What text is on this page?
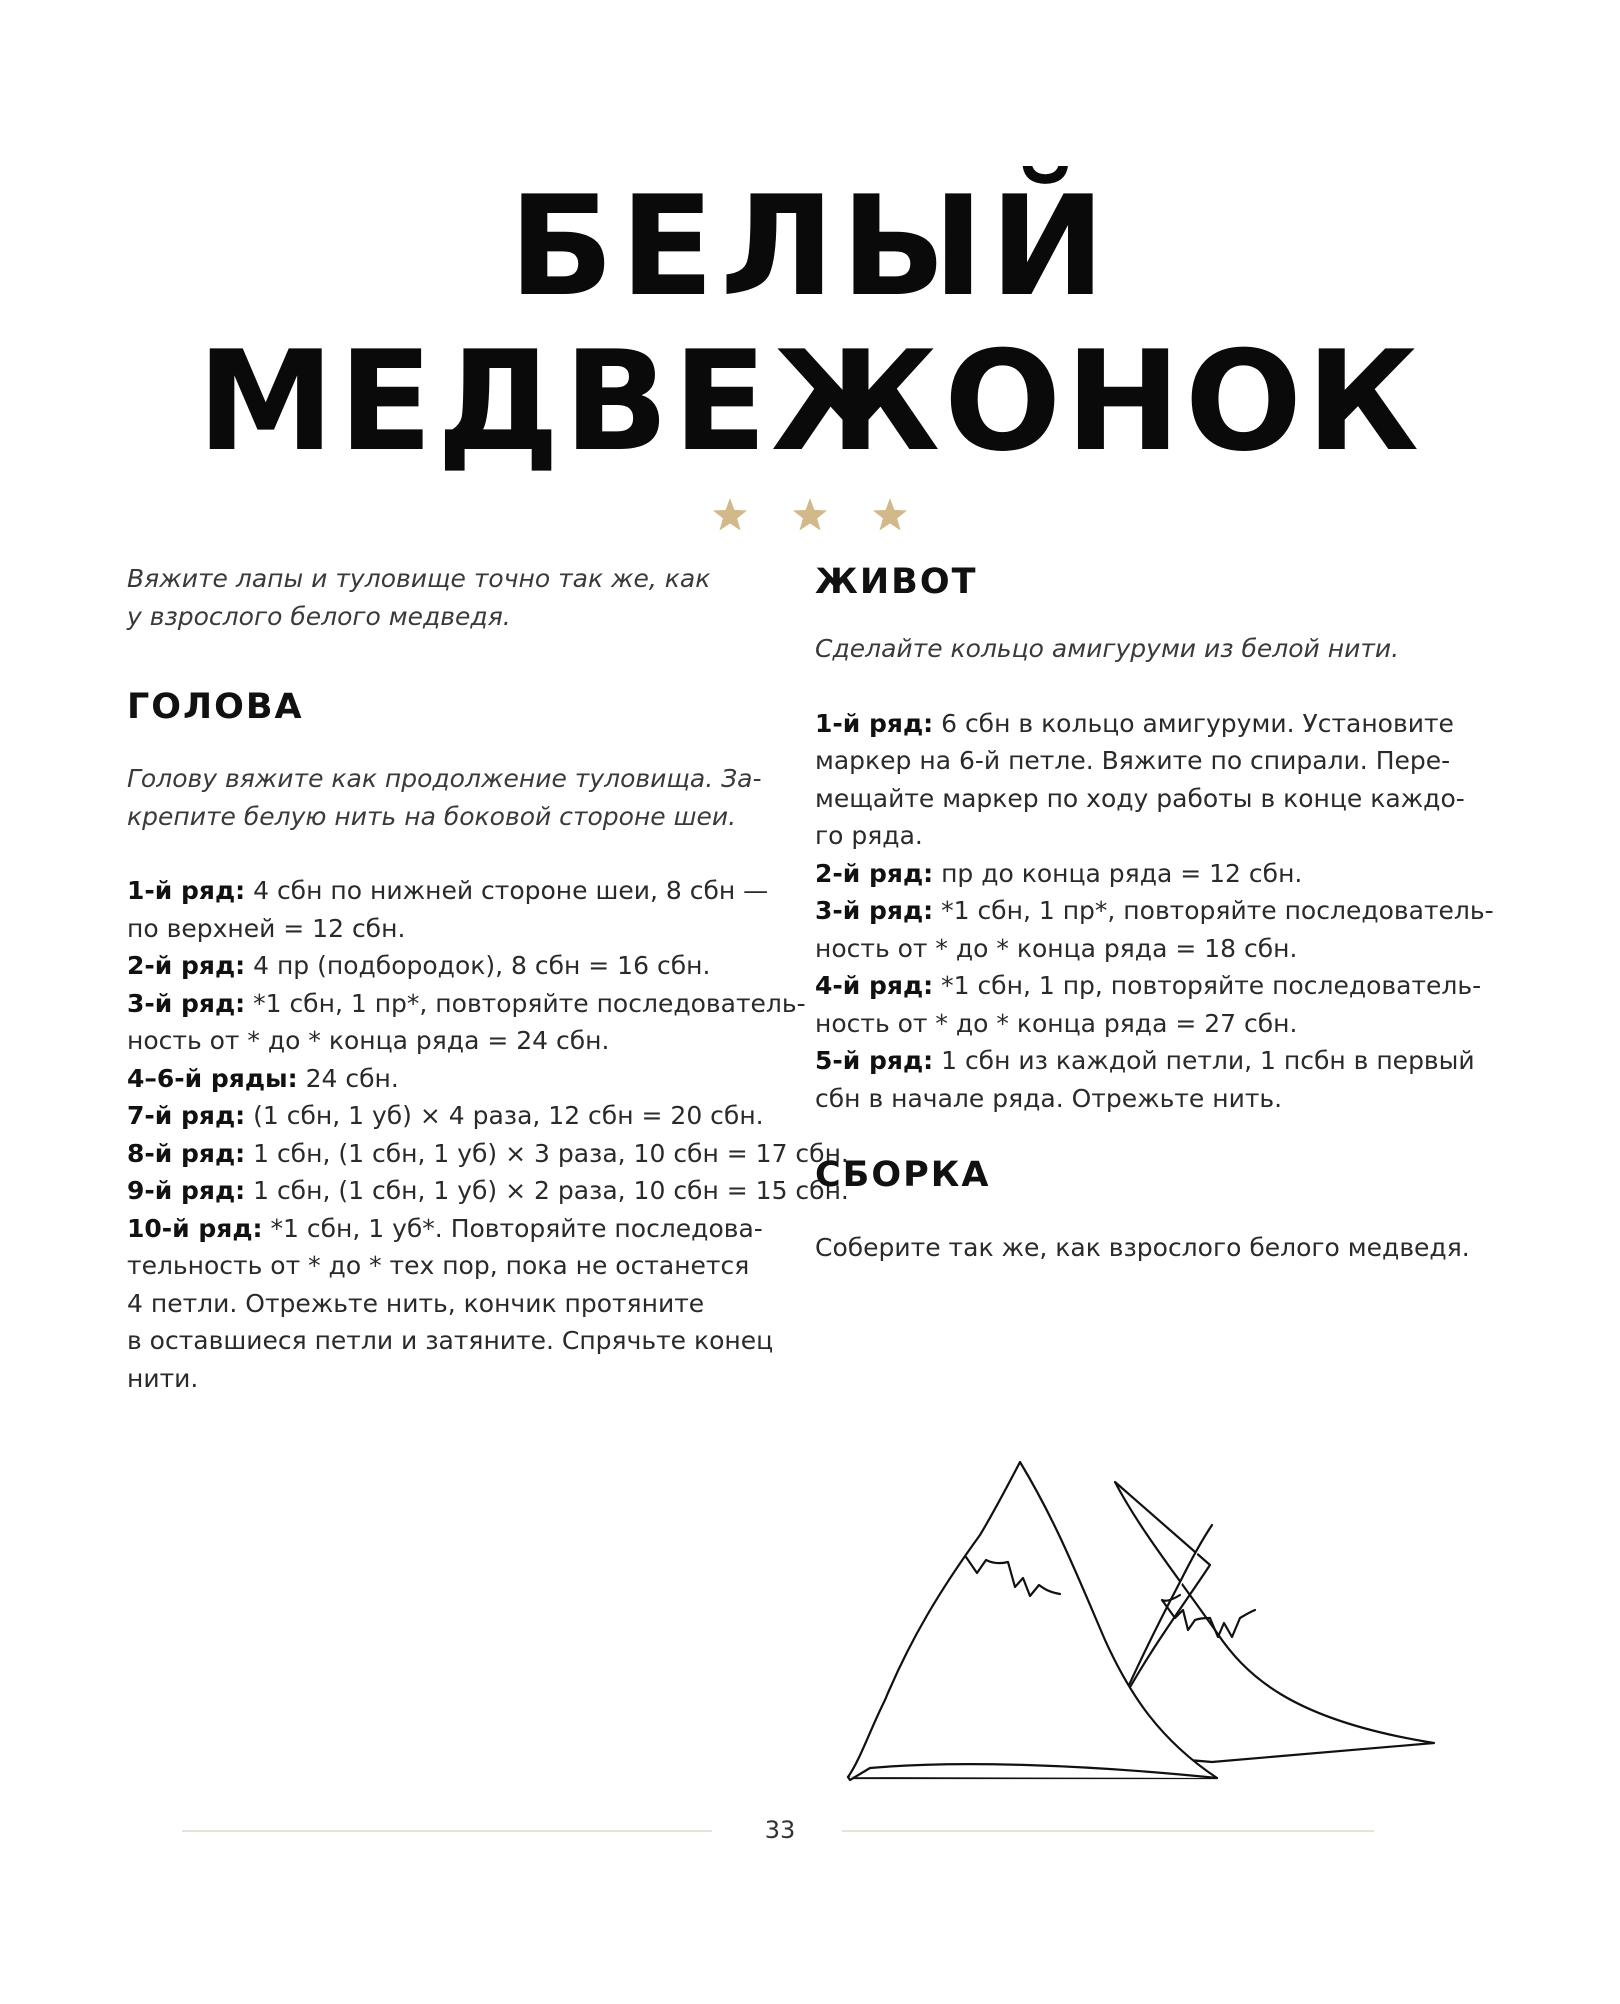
БЕЛЫЙ
МЕДВЕЖОНОК

Вяжите лапы и туловище точно так же, как
у взрослого белого медведя.

ГОЛОВА

Голову вяжите как продолжение туловища. За-
крепите белую нить на боковой стороне шеи.

1-й ряд: 4 сбн по нижней стороне шеи, 8 сбн —
по верхней = 12 сбн.
2-й ряд: 4 пр (подбородок), 8 сбн = 16 сбн.
3-й ряд: *1 сбн, 1 пр*, повторяйте последователь-
ность от * до * конца ряда = 24 сбн.
4–6-й ряды: 24 сбн.
7-й ряд: (1 сбн, 1 уб) × 4 раза, 12 сбн = 20 сбн.
8-й ряд: 1 сбн, (1 сбн, 1 уб) × 3 раза, 10 сбн = 17 сбн.
9-й ряд: 1 сбн, (1 сбн, 1 уб) × 2 раза, 10 сбн = 15 сбн.
10-й ряд: *1 сбн, 1 уб*. Повторяйте последова-
тельность от * до * тех пор, пока не останется
4 петли. Отрежьте нить, кончик протяните
в оставшиеся петли и затяните. Спрячьте конец
нити.
ЖИВОТ

Сделайте кольцо амигуруми из белой нити.

1-й ряд: 6 сбн в кольцо амигуруми. Установите
маркер на 6-й петле. Вяжите по спирали. Пере-
мещайте маркер по ходу работы в конце каждо-
го ряда.
2-й ряд: пр до конца ряда = 12 сбн.
3-й ряд: *1 сбн, 1 пр*, повторяйте последователь-
ность от * до * конца ряда = 18 сбн.
4-й ряд: *1 сбн, 1 пр, повторяйте последователь-
ность от * до * конца ряда = 27 сбн.
5-й ряд: 1 сбн из каждой петли, 1 псбн в первый
сбн в начале ряда. Отрежьте нить.
СБОРКА

Соберите так же, как взрослого белого медведя.

33
